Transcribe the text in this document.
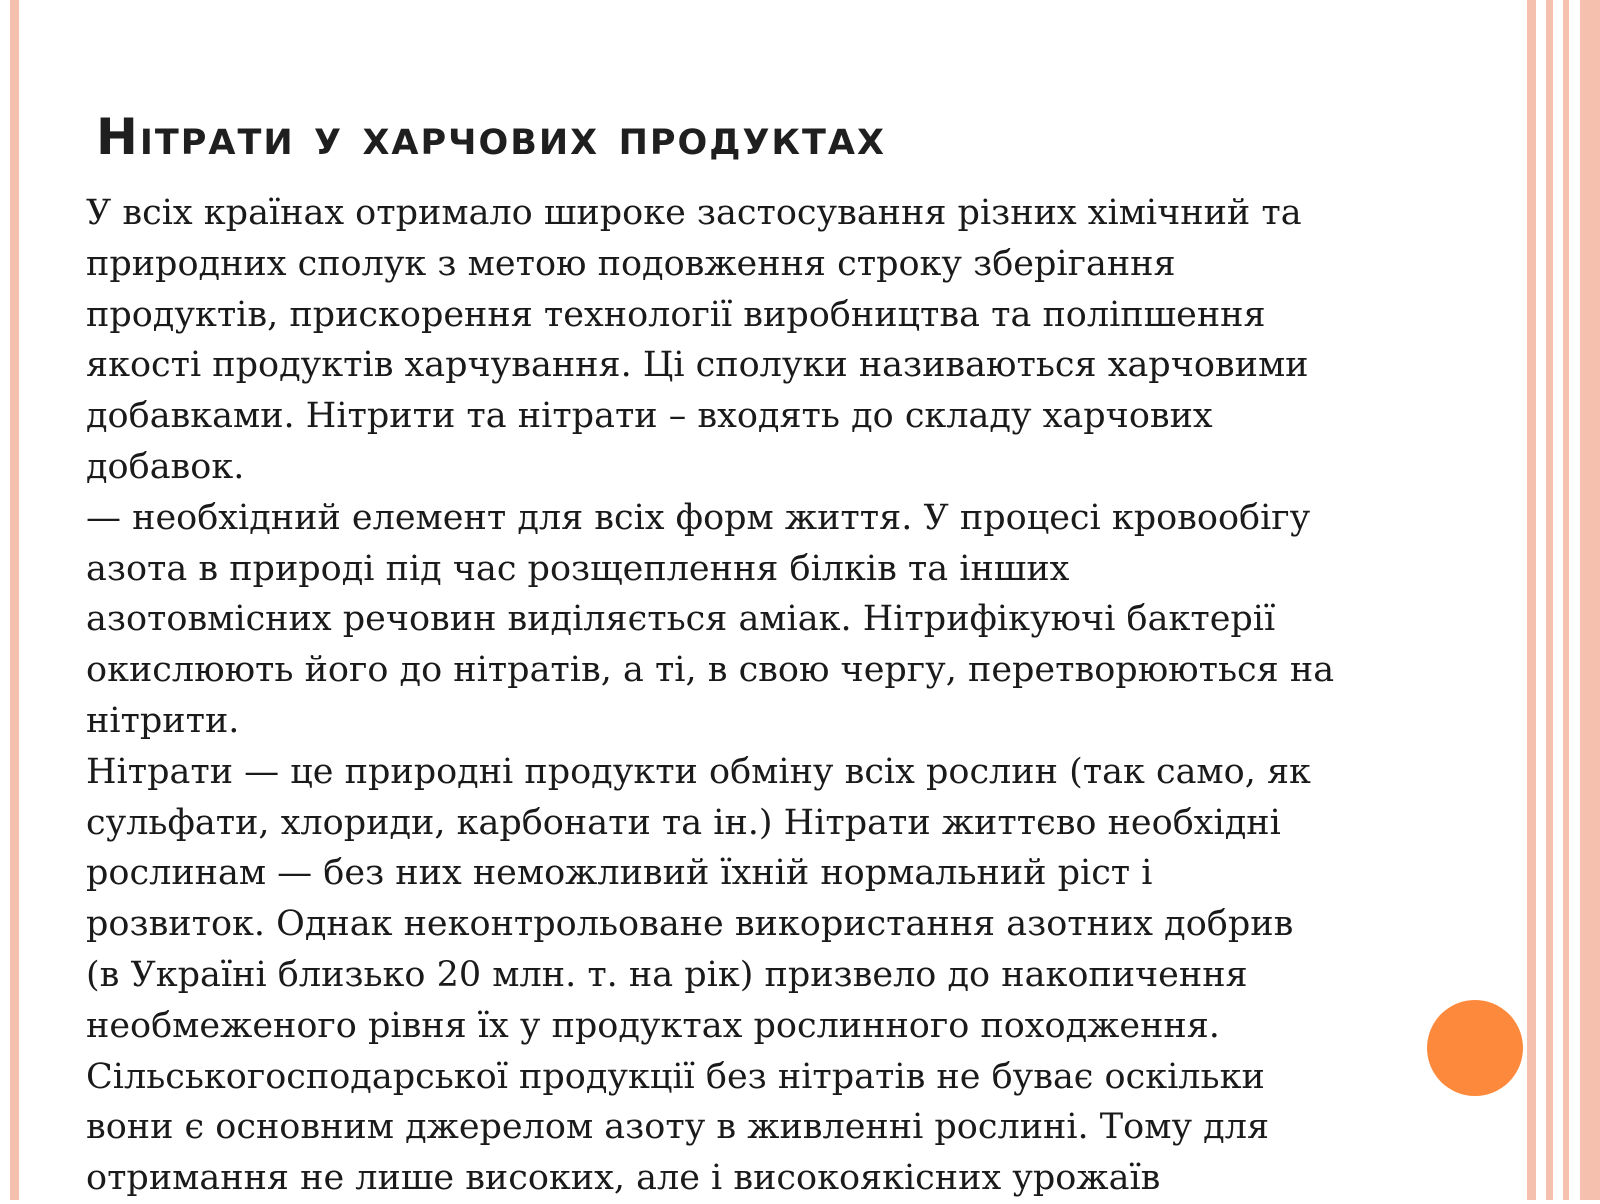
Нітрати у харчових продуктах
У всіх країнах отримало широке застосування різних хімічний та
природних сполук з метою подовження строку зберігання
продуктів, прискорення технології виробництва та поліпшення
якості продуктів харчування. Ці сполуки називаються харчовими
добавками. Нітрити та нітрати – входять до складу харчових
добавок.
— необхідний елемент для всіх форм життя. У процесі кровообігу
азота в природі під час розщеплення білків та інших
азотовмісних речовин виділяється аміак. Нітрифікуючі бактерії
окислюють його до нітратів, а ті, в свою чергу, перетворюються на
нітрити.
Нітрати — це природні продукти обміну всіх рослин (так само, як
сульфати, хлориди, карбонати та ін.) Нітрати життєво необхідні
рослинам — без них неможливий їхній нормальний ріст і
розвиток. Однак неконтрольоване використання азотних добрив
(в Україні близько 20 млн. т. на рік) призвело до накопичення
необмеженого рівня їх у продуктах рослинного походження.
Сільськогосподарської продукції без нітратів не буває оскільки
вони є основним джерелом азоту в живленні рослині. Тому для
отримання не лише високих, але і високоякісних урожаїв
